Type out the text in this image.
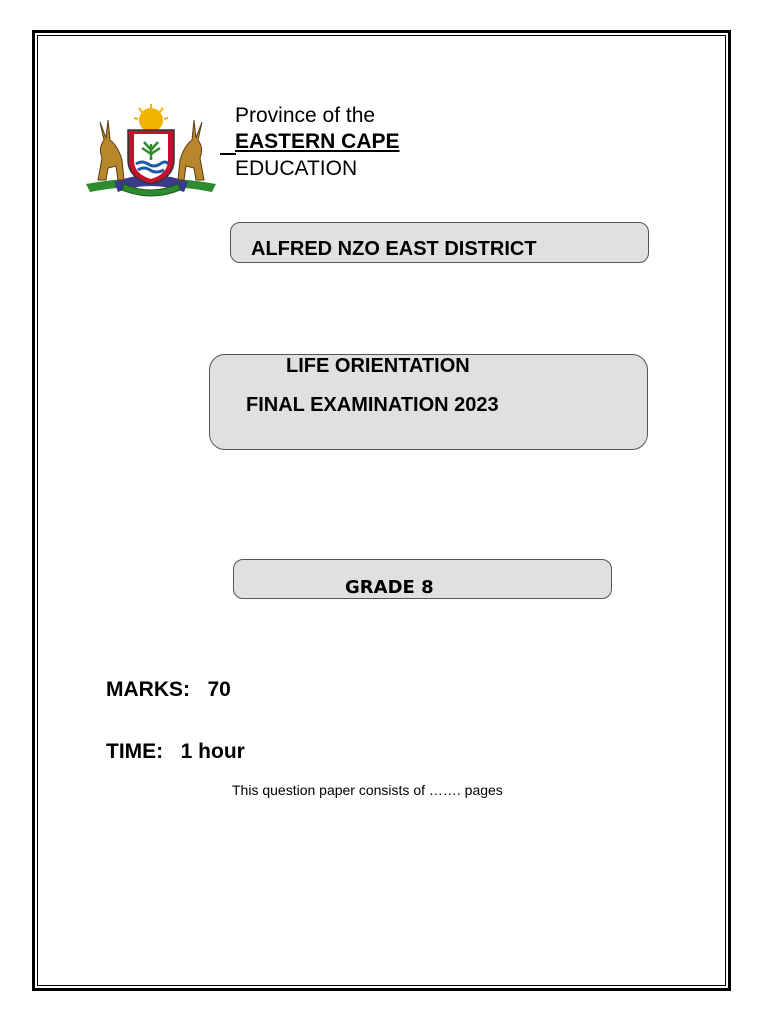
Province of the
EASTERN CAPE
EDUCATION
ALFRED NZO EAST DISTRICT
LIFE ORIENTATION
FINAL EXAMINATION 2023
GRADE 8
MARKS:   70
TIME:   1 hour
This question paper consists of ……. pages
